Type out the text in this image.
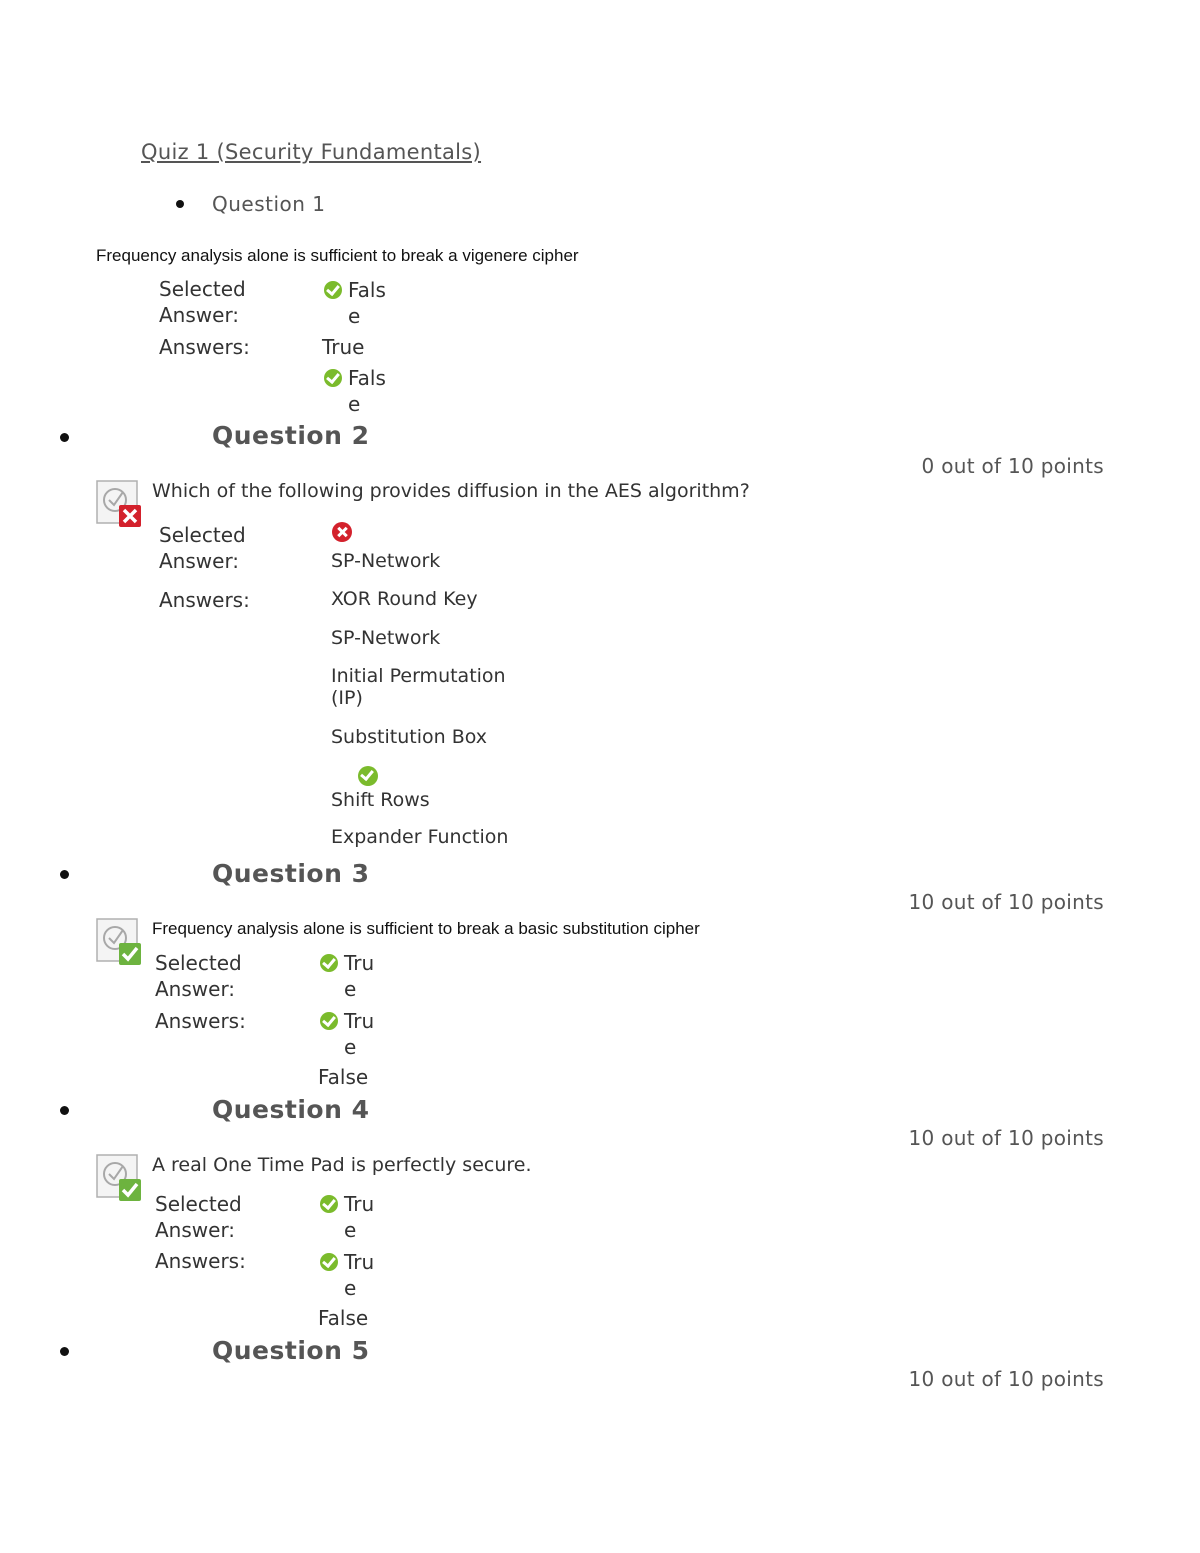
Quiz 1 (Security Fundamentals)
Question 1
Frequency analysis alone is sufficient to break a vigenere cipher
Selected Answer:
False
Answers:	True
False
Question 2
0 out of 10 points
Which of the following provides diffusion in the AES algorithm?
Selected Answer:
	SP-Network
Answers:	XOR Round Key
SP-Network
Initial Permutation (IP)
Substitution Box
Shift Rows
Expander Function
Question 3
10 out of 10 points
Frequency analysis alone is sufficient to break a basic substitution cipher
Selected Answer:
True
Answers:	True
False
Question 4
10 out of 10 points
A real One Time Pad is perfectly secure.
Selected Answer:
True
Answers:	True
False
Question 5
10 out of 10 points
